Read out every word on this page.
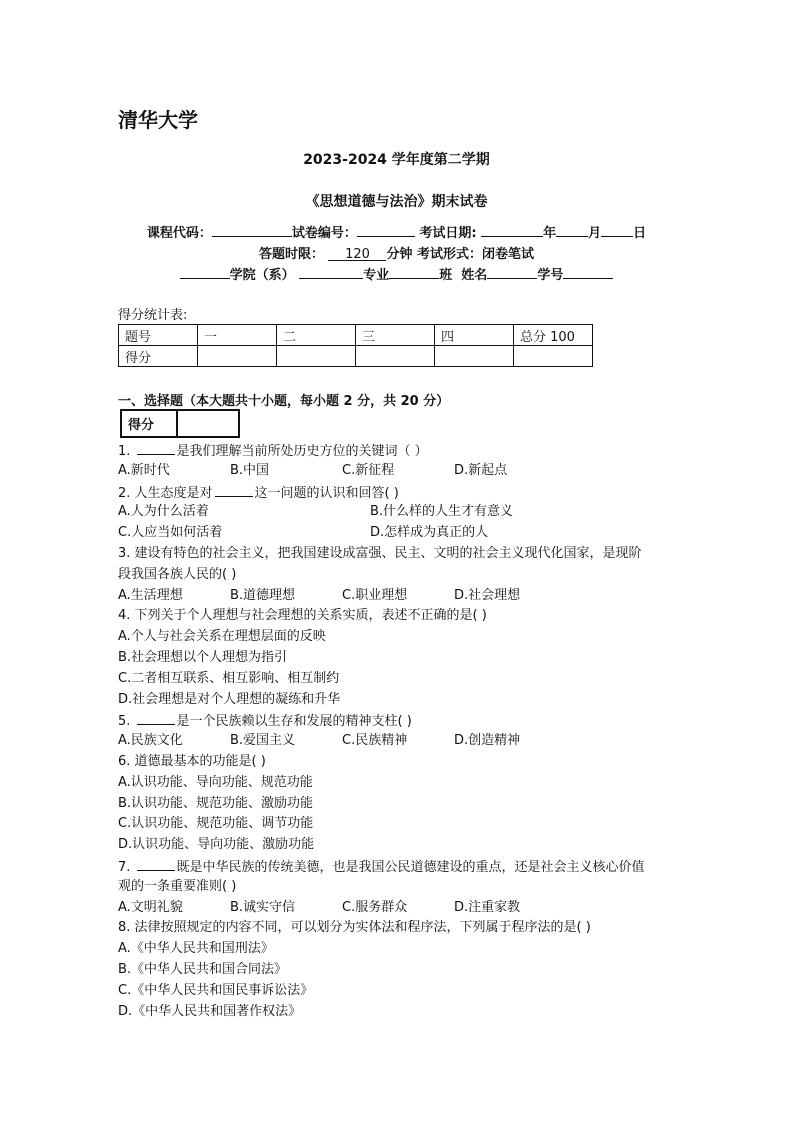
清华大学
2023-2024 学年度第二学期
《思想道德与法治》期末试卷
课程代码：	试卷编号：	考试日期:	年 月 日
答题时限： 120 分钟 考试形式：闭卷笔试
学院（系）	专业	班 姓名	学号
得分统计表:
题号	一	二	三	四	总分 100
得分					
一、选择题（本大题共十小题，每小题 2 分，共 20 分）
得分
1.	是我们理解当前所处历史方位的关键词（ ）
A.新时代	B.中国	C.新征程	D.新起点
2. 人生态度是对	这一问题的认识和回答( )
A.人为什么活着	B.什么样的人生才有意义
C.人应当如何活着	D.怎样成为真正的人
3. 建设有特色的社会主义，把我国建设成富强、民主、文明的社会主义现代化国家，是现阶
段我国各族人民的( )
A.生活理想	B.道德理想	C.职业理想	D.社会理想
4. 下列关于个人理想与社会理想的关系实质，表述不正确的是( )
A.个人与社会关系在理想层面的反映
B.社会理想以个人理想为指引
C.二者相互联系、相互影响、相互制约
D.社会理想是对个人理想的凝练和升华
5.	是一个民族赖以生存和发展的精神支柱( )
A.民族文化	B.爱国主义	C.民族精神	D.创造精神
6. 道德最基本的功能是( )
A.认识功能、导向功能、规范功能
B.认识功能、规范功能、激励功能
C.认识功能、规范功能、调节功能
D.认识功能、导向功能、激励功能
7.	既是中华民族的传统美德，也是我国公民道德建设的重点，还是社会主义核心价值
观的一条重要准则( )
A.文明礼貌	B.诚实守信	C.服务群众	D.注重家教
8. 法律按照规定的内容不同，可以划分为实体法和程序法，下列属于程序法的是( )
A.《中华人民共和国刑法》
B.《中华人民共和国合同法》
C.《中华人民共和国民事诉讼法》
D.《中华人民共和国著作权法》
